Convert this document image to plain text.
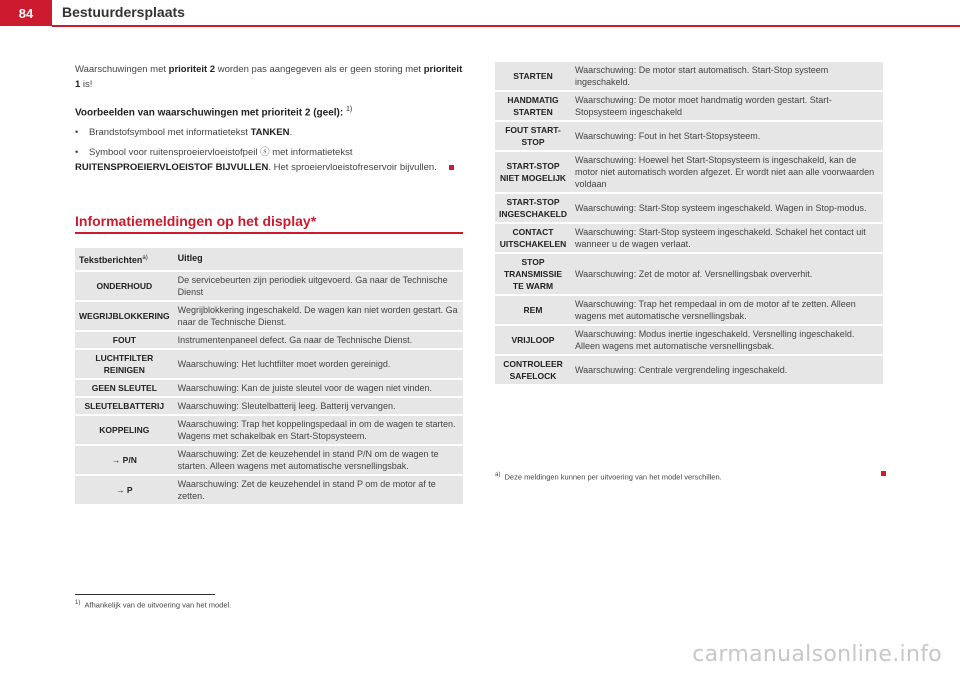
84	Bestuurdersplaats

Waarschuwingen met prioriteit 2 worden pas aangegeven als er geen storing met prioriteit 1 is!

Voorbeelden van waarschuwingen met prioriteit 2 (geel): $^{1)}$

• Brandstofsymbool met informatietekst TANKEN.

• Symbool voor ruitensproeiervloeistofpeil ⓢ met informatietekst RUITENSPROEIERVLOEISTOF BIJVULLEN. Het sproeiervloeistofreservoir bijvullen.

Informatiemeldingen op het display*
Tekstberichten$^{a)}$	Uitleg
ONDERHOUD	De servicebeurten zijn periodiek uitgevoerd. Ga naar de Technische Dienst
WEGRIJBLOKKERING	Wegrijblokkering ingeschakeld. De wagen kan niet worden gestart. Ga naar de Technische Dienst.
FOUT	Instrumentenpaneel defect. Ga naar de Technische Dienst.
LUCHTFILTER REINIGEN	Waarschuwing: Het luchtfilter moet worden gereinigd.
GEEN SLEUTEL	Waarschuwing: Kan de juiste sleutel voor de wagen niet vinden.
SLEUTELBATTERIJ	Waarschuwing: Sleutelbatterij leeg. Batterij vervangen.
KOPPELING	Waarschuwing: Trap het koppelingspedaal in om de wagen te starten. Wagens met schakelbak en Start-Stopsysteem.
→ P/N	Waarschuwing: Zet de keuzehendel in stand P/N om de wagen te starten. Alleen wagens met automatische versnellingsbak.
→ P	Waarschuwing: Zet de keuzehendel in stand P om de motor af te zetten.
STARTEN	Waarschuwing: De motor start automatisch. Start-Stop systeem ingeschakeld.
HANDMATIG STARTEN	Waarschuwing: De motor moet handmatig worden gestart. Start-Stopsysteem ingeschakeld
FOUT START-STOP	Waarschuwing: Fout in het Start-Stopsysteem.
START-STOP NIET MOGELIJK	Waarschuwing: Hoewel het Start-Stopsysteem is ingeschakeld, kan de motor niet automatisch worden afgezet. Er wordt niet aan alle voorwaarden voldaan
START-STOP INGESCHAKELD	Waarschuwing: Start-Stop systeem ingeschakeld. Wagen in Stop-modus.
CONTACT UITSCHAKELEN	Waarschuwing: Start-Stop systeem ingeschakeld. Schakel het contact uit wanneer u de wagen verlaat.
STOP TRANSMISSIE TE WARM	Waarschuwing: Zet de motor af. Versnellingsbak oververhit.
REM	Waarschuwing: Trap het rempedaal in om de motor af te zetten. Alleen wagens met automatische versnellingsbak.
VRIJLOOP	Waarschuwing: Modus inertie ingeschakeld. Versnelling ingeschakeld. Alleen wagens met automatische versnellingsbak.
CONTROLEER SAFELOCK	Waarschuwing: Centrale vergrendeling ingeschakeld.
$^{a)}$ Deze meldingen kunnen per uitvoering van het model verschillen.
$^{1)}$ Afhankelijk van de uitvoering van het model.
carmanualsonline.info
